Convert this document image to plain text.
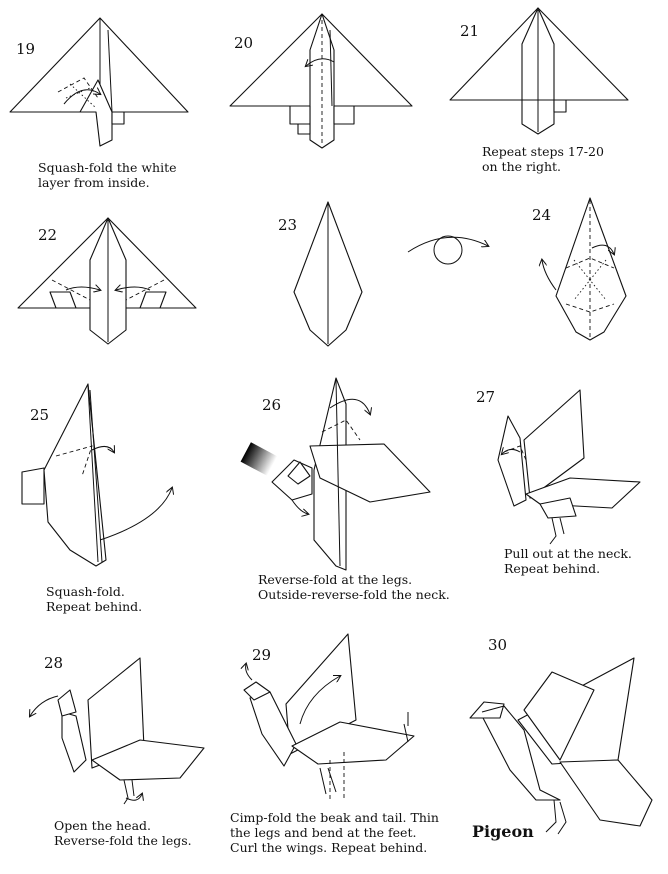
19	20
21
22
23
24
25
26	27
28	29
30
Squash-fold the white
layer from inside.
Repeat steps 17-20
on the right.
Squash-fold.
Repeat behind.
Reverse-fold at the legs.
Outside-reverse-fold the neck.
Pull out at the neck.
Repeat behind.
Open the head.
Reverse-fold the legs.
Cimp-fold the beak and tail. Thin
the legs and bend at the feet.
Curl the wings. Repeat behind.
Pigeon
